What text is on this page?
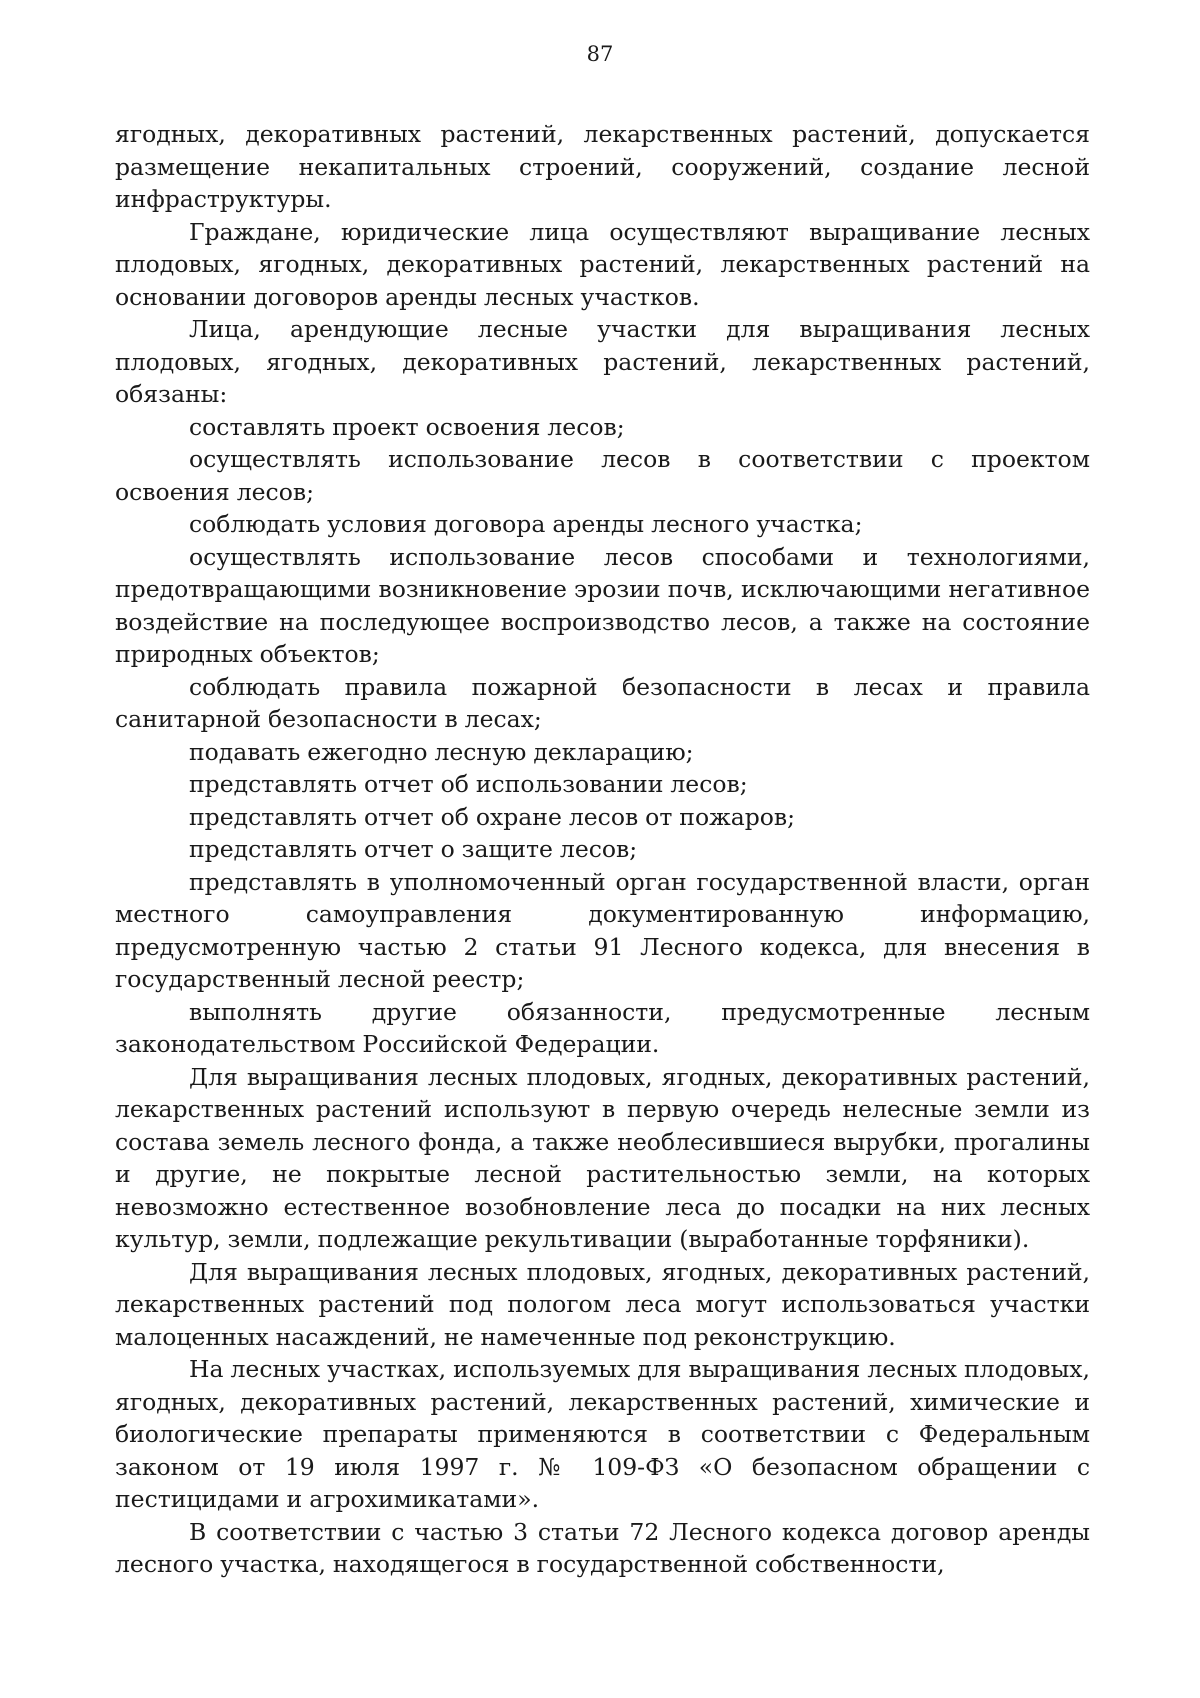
87

ягодных, декоративных растений, лекарственных растений, допускается размещение некапитальных строений, сооружений, создание лесной инфраструктуры.

Граждане, юридические лица осуществляют выращивание лесных плодовых, ягодных, декоративных растений, лекарственных растений на основании договоров аренды лесных участков.

Лица, арендующие лесные участки для выращивания лесных плодовых, ягодных, декоративных растений, лекарственных растений, обязаны:

составлять проект освоения лесов;

осуществлять использование лесов в соответствии с проектом освоения лесов;

соблюдать условия договора аренды лесного участка;

осуществлять использование лесов способами и технологиями, предотвращающими возникновение эрозии почв, исключающими негативное воздействие на последующее воспроизводство лесов, а также на состояние природных объектов;

соблюдать правила пожарной безопасности в лесах и правила санитарной безопасности в лесах;

подавать ежегодно лесную декларацию;

представлять отчет об использовании лесов;

представлять отчет об охране лесов от пожаров;

представлять отчет о защите лесов;

представлять в уполномоченный орган государственной власти, орган местного самоуправления документированную информацию, предусмотренную частью 2 статьи 91 Лесного кодекса, для внесения в государственный лесной реестр;

выполнять другие обязанности, предусмотренные лесным законодательством Российской Федерации.

Для выращивания лесных плодовых, ягодных, декоративных растений, лекарственных растений используют в первую очередь нелесные земли из состава земель лесного фонда, а также необлесившиеся вырубки, прогалины и другие, не покрытые лесной растительностью земли, на которых невозможно естественное возобновление леса до посадки на них лесных культур, земли, подлежащие рекультивации (выработанные торфяники).

Для выращивания лесных плодовых, ягодных, декоративных растений, лекарственных растений под пологом леса могут использоваться участки малоценных насаждений, не намеченные под реконструкцию.

На лесных участках, используемых для выращивания лесных плодовых, ягодных, декоративных растений, лекарственных растений, химические и биологические препараты применяются в соответствии с Федеральным законом от 19 июля 1997 г. № 109-ФЗ «О безопасном обращении с пестицидами и агрохимикатами».

В соответствии с частью 3 статьи 72 Лесного кодекса договор аренды лесного участка, находящегося в государственной собственности,
